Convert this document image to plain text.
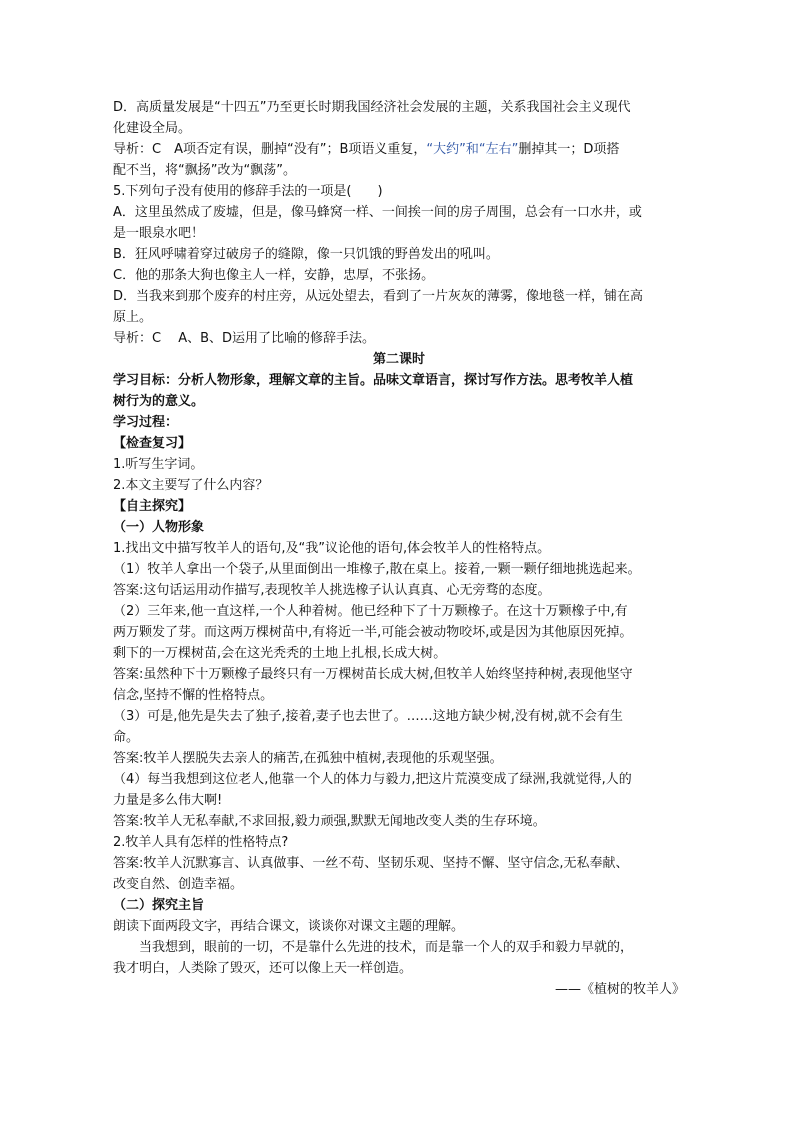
D．高质量发展是“十四五”乃至更长时期我国经济社会发展的主题，关系我国社会主义现代

化建设全局。

导析：C　A项否定有误，删掉“没有”；B项语义重复，“大约”和“左右”删掉其一；D项搭

配不当，将“飘扬”改为“飘荡”。

5.下列句子没有使用的修辞手法的一项是(　　)

A．这里虽然成了废墟，但是，像马蜂窝一样、一间挨一间的房子周围，总会有一口水井，或

是一眼泉水吧！

B．狂风呼啸着穿过破房子的缝隙，像一只饥饿的野兽发出的吼叫。

C．他的那条大狗也像主人一样，安静，忠厚，不张扬。

D．当我来到那个废弃的村庄旁，从远处望去，看到了一片灰灰的薄雾，像地毯一样，铺在高

原上。

导析：C　 A、B、D运用了比喻的修辞手法。

第二课时

学习目标：分析人物形象，理解文章的主旨。品味文章语言，探讨写作方法。思考牧羊人植

树行为的意义。

学习过程：

【检查复习】

1.听写生字词。

2.本文主要写了什么内容？

【自主探究】

（一）人物形象

1.找出文中描写牧羊人的语句,及“我”议论他的语句,体会牧羊人的性格特点。

（1）牧羊人拿出一个袋子,从里面倒出一堆橡子,散在桌上。接着,一颗一颗仔细地挑选起来。

答案:这句话运用动作描写,表现牧羊人挑选橡子认认真真、心无旁骛的态度。

（2）三年来,他一直这样,一个人种着树。他已经种下了十万颗橡子。在这十万颗橡子中,有

两万颗发了芽。而这两万棵树苗中,有将近一半,可能会被动物咬坏,或是因为其他原因死掉。

剩下的一万棵树苗,会在这光秃秃的土地上扎根,长成大树。

答案:虽然种下十万颗橡子最终只有一万棵树苗长成大树,但牧羊人始终坚持种树,表现他坚守

信念,坚持不懈的性格特点。

（3）可是,他先是失去了独子,接着,妻子也去世了。……这地方缺少树,没有树,就不会有生

命。

答案:牧羊人摆脱失去亲人的痛苦,在孤独中植树,表现他的乐观坚强。

（4）每当我想到这位老人,他靠一个人的体力与毅力,把这片荒漠变成了绿洲,我就觉得,人的

力量是多么伟大啊!

答案:牧羊人无私奉献,不求回报,毅力顽强,默默无闻地改变人类的生存环境。

2.牧羊人具有怎样的性格特点?

答案:牧羊人沉默寡言、认真做事、一丝不苟、坚韧乐观、坚持不懈、坚守信念,无私奉献、

改变自然、创造幸福。

（二）探究主旨

朗读下面两段文字，再结合课文，谈谈你对课文主题的理解。

当我想到，眼前的一切，不是靠什么先进的技术，而是靠一个人的双手和毅力早就的，

我才明白，人类除了毁灭，还可以像上天一样创造。

——《植树的牧羊人》
